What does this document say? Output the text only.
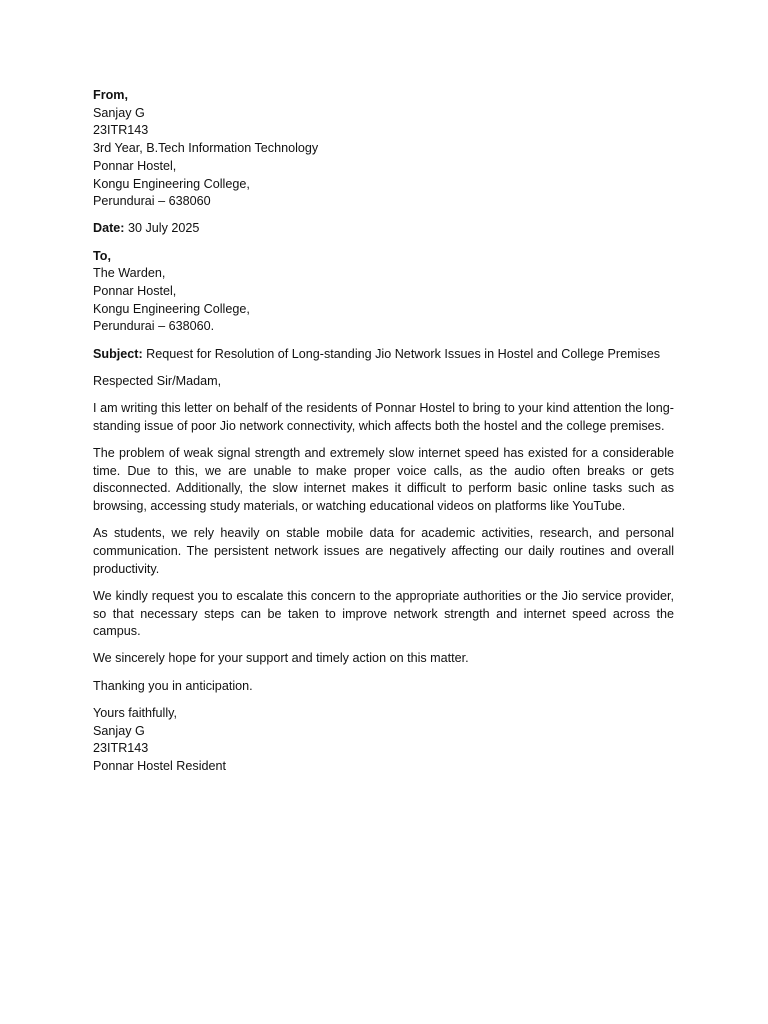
From,
Sanjay G
23ITR143
3rd Year, B.Tech Information Technology
Ponnar Hostel,
Kongu Engineering College,
Perundurai – 638060
Date: 30 July 2025
To,
The Warden,
Ponnar Hostel,
Kongu Engineering College,
Perundurai – 638060.
Subject: Request for Resolution of Long-standing Jio Network Issues in Hostel and College Premises
Respected Sir/Madam,

I am writing this letter on behalf of the residents of Ponnar Hostel to bring to your kind attention the long-standing issue of poor Jio network connectivity, which affects both the hostel and the college premises.

The problem of weak signal strength and extremely slow internet speed has existed for a considerable time. Due to this, we are unable to make proper voice calls, as the audio often breaks or gets disconnected. Additionally, the slow internet makes it difficult to perform basic online tasks such as browsing, accessing study materials, or watching educational videos on platforms like YouTube.

As students, we rely heavily on stable mobile data for academic activities, research, and personal communication. The persistent network issues are negatively affecting our daily routines and overall productivity.

We kindly request you to escalate this concern to the appropriate authorities or the Jio service provider, so that necessary steps can be taken to improve network strength and internet speed across the campus.

We sincerely hope for your support and timely action on this matter.

Thanking you in anticipation.

Yours faithfully,
Sanjay G
23ITR143
Ponnar Hostel Resident
